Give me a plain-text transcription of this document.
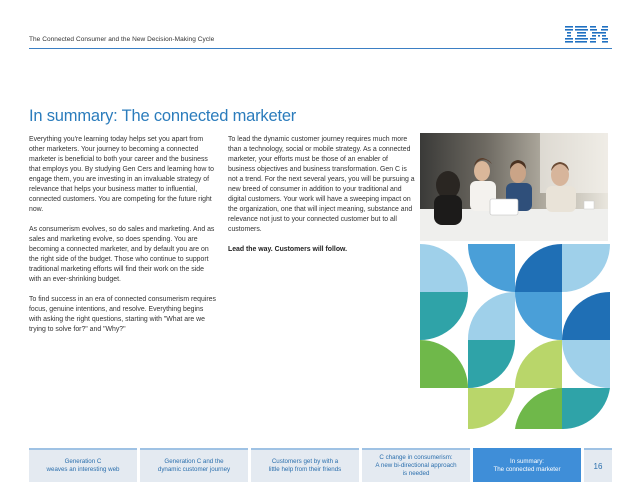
The Connected Consumer and the New Decision-Making Cycle
In summary: The connected marketer

Everything you're learning today helps set you apart from other marketers. Your journey to becoming a connected marketer is beneficial to both your career and the business that employs you. By studying Gen Cers and learning how to engage them, you are investing in an invaluable strategy of relevance that helps your business matter to influential, connected customers. You are competing for the future right now.

As consumerism evolves, so do sales and marketing. And as sales and marketing evolve, so does spending. You are becoming a connected marketer, and by default you are on the right side of the budget. Those who continue to support traditional marketing efforts will find their work on the side with an ever-shrinking budget.

To find success in an era of connected consumerism requires focus, genuine intentions, and resolve. Everything begins with asking the right questions, starting with "What are we trying to solve for?" and "Why?"

To lead the dynamic customer journey requires much more than a technology, social or mobile strategy. As a connected marketer, your efforts must be those of an enabler of business objectives and business transformation. Gen C is not a trend. For the next several years, you will be pursuing a new breed of consumer in addition to your traditional and digital customers. Your work will have a sweeping impact on the organization, one that will inject meaning, substance and relevance not just to your connected customer but to all customers.

Lead the way. Customers will follow.

Generation C
weaves an interesting web
Generation C and the
dynamic customer journey
Customers get by with a
little help from their friends
C change in consumerism:
A new bi-directional approach
is needed
In summary:
The connected marketer	16
